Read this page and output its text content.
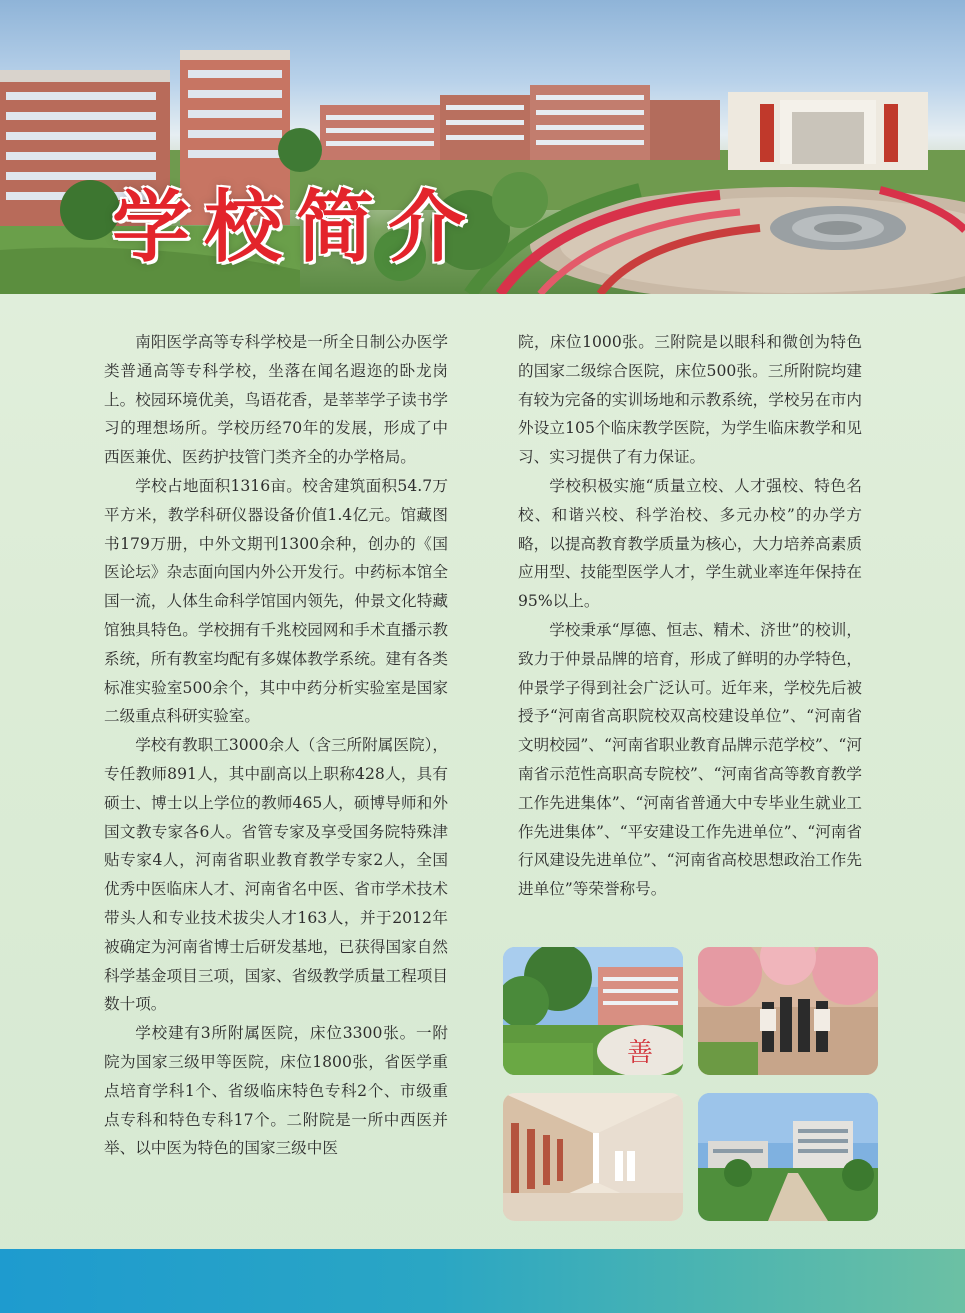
学校简介

南阳医学高等专科学校是一所全日制公办医学类普通高等专科学校，坐落在闻名遐迩的卧龙岗上。校园环境优美，鸟语花香，是莘莘学子读书学习的理想场所。学校历经70年的发展，形成了中西医兼优、医药护技管门类齐全的办学格局。

学校占地面积1316亩。校舍建筑面积54.7万平方米，教学科研仪器设备价值1.4亿元。馆藏图书179万册，中外文期刊1300余种，创办的《国医论坛》杂志面向国内外公开发行。中药标本馆全国一流，人体生命科学馆国内领先，仲景文化特藏馆独具特色。学校拥有千兆校园网和手术直播示教系统，所有教室均配有多媒体教学系统。建有各类标准实验室500余个，其中中药分析实验室是国家二级重点科研实验室。

学校有教职工3000余人（含三所附属医院），专任教师891人，其中副高以上职称428人，具有硕士、博士以上学位的教师465人，硕博导师和外国文教专家各6人。省管专家及享受国务院特殊津贴专家4人，河南省职业教育教学专家2人，全国优秀中医临床人才、河南省名中医、省市学术技术带头人和专业技术拔尖人才163人，并于2012年被确定为河南省博士后研发基地，已获得国家自然科学基金项目三项，国家、省级教学质量工程项目数十项。

学校建有3所附属医院，床位3300张。一附院为国家三级甲等医院，床位1800张，省医学重点培育学科1个、省级临床特色专科2个、市级重点专科和特色专科17个。二附院是一所中西医并举、以中医为特色的国家三级中医

院，床位1000张。三附院是以眼科和微创为特色的国家二级综合医院，床位500张。三所附院均建有较为完备的实训场地和示教系统，学校另在市内外设立105个临床教学医院，为学生临床教学和见习、实习提供了有力保证。

学校积极实施“质量立校、人才强校、特色名校、和谐兴校、科学治校、多元办校”的办学方略，以提高教育教学质量为核心，大力培养高素质应用型、技能型医学人才，学生就业率连年保持在95%以上。

学校秉承“厚德、恒志、精术、济世”的校训，致力于仲景品牌的培育，形成了鲜明的办学特色，仲景学子得到社会广泛认可。近年来，学校先后被授予“河南省高职院校双高校建设单位”、“河南省文明校园”、“河南省职业教育品牌示范学校”、“河南省示范性高职高专院校”、“河南省高等教育教学工作先进集体”、“河南省普通大中专毕业生就业工作先进集体”、“平安建设工作先进单位”、“河南省行风建设先进单位”、“河南省高校思想政治工作先进单位”等荣誉称号。

善
